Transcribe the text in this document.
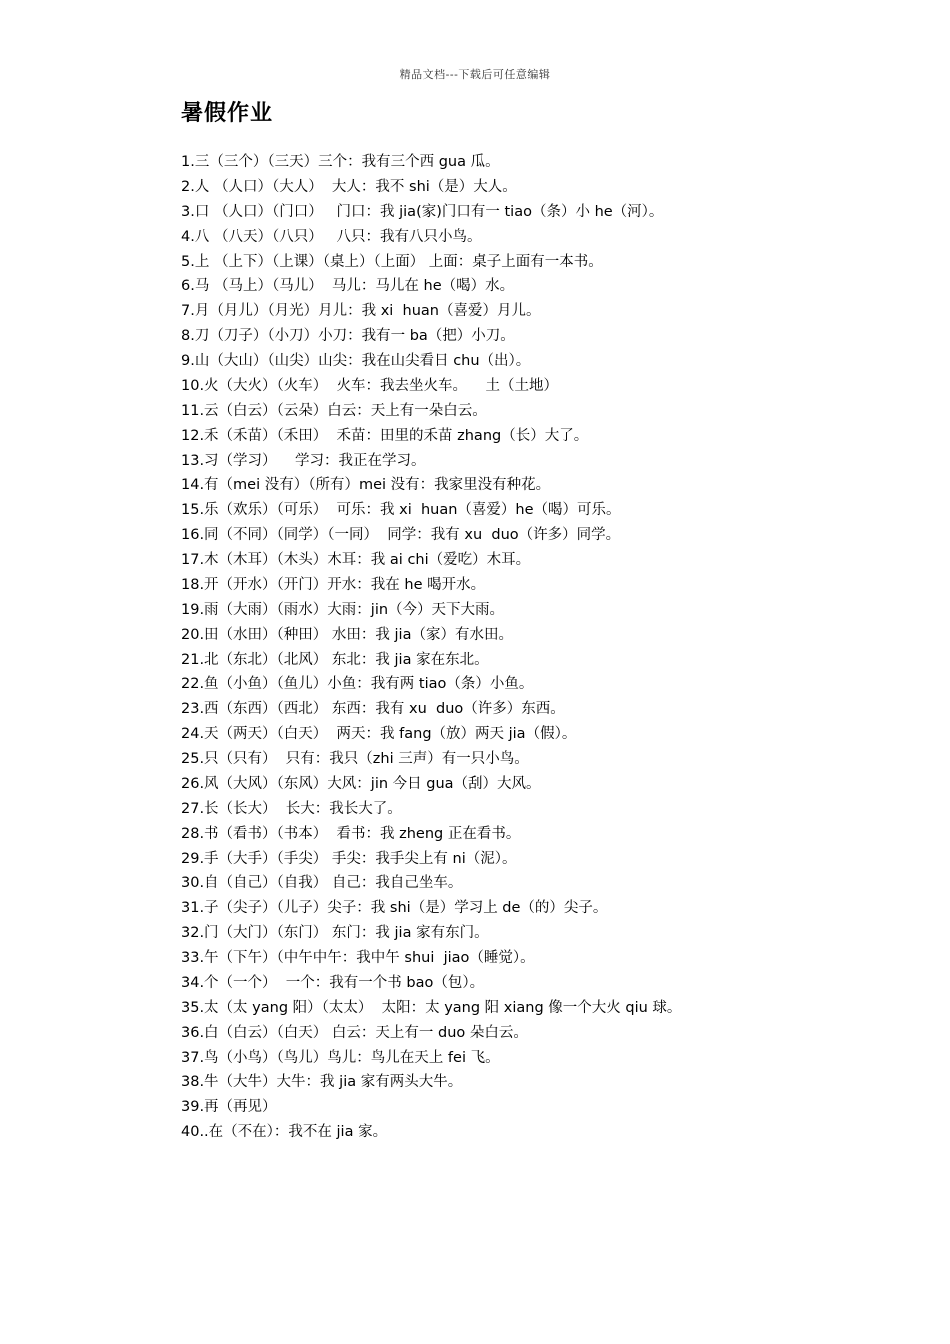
精品文档---下载后可任意编辑
暑假作业
1.三（三个）（三天）三个：我有三个西 gua 瓜。
2.人 （人口）（大人）  大人：我不 shi（是）大人。
3.口 （人口）（门口）   门口：我 jia(家)门口有一 tiao（条）小 he（河）。
4.八 （八天）（八只）   八只：我有八只小鸟。
5.上 （上下）（上课）（桌上）（上面） 上面：桌子上面有一本书。
6.马 （马上）（马儿）  马儿：马儿在 he（喝）水。
7.月（月儿）（月光）月儿：我 xi  huan（喜爱）月儿。
8.刀（刀子）（小刀）小刀：我有一 ba（把）小刀。
9.山（大山）（山尖）山尖：我在山尖看日 chu（出）。
10.火（大火）（火车）  火车：我去坐火车。    土（土地）
11.云（白云）（云朵）白云：天上有一朵白云。
12.禾（禾苗）（禾田）  禾苗：田里的禾苗 zhang（长）大了。
13.习（学习）    学习：我正在学习。
14.有（mei 没有）（所有）mei 没有：我家里没有种花。
15.乐（欢乐）（可乐）  可乐：我 xi  huan（喜爱）he（喝）可乐。
16.同（不同）（同学）（一同）  同学：我有 xu  duo（许多）同学。
17.木（木耳）（木头）木耳：我 ai chi（爱吃）木耳。
18.开（开水）（开门）开水：我在 he 喝开水。
19.雨（大雨）（雨水）大雨：jin（今）天下大雨。
20.田（水田）（种田） 水田：我 jia（家）有水田。
21.北（东北）（北风） 东北：我 jia 家在东北。
22.鱼（小鱼）（鱼儿）小鱼：我有两 tiao（条）小鱼。
23.西（东西）（西北） 东西：我有 xu  duo（许多）东西。
24.天（两天）（白天）  两天：我 fang（放）两天 jia（假）。
25.只（只有）  只有：我只（zhi 三声）有一只小鸟。
26.风（大风）（东风）大风：jin 今日 gua（刮）大风。
27.长（长大）  长大：我长大了。
28.书（看书）（书本）  看书：我 zheng 正在看书。
29.手（大手）（手尖） 手尖：我手尖上有 ni（泥）。
30.自（自己）（自我） 自己：我自己坐车。
31.子（尖子）（儿子）尖子：我 shi（是）学习上 de（的）尖子。
32.门（大门）（东门） 东门：我 jia 家有东门。
33.午（下午）（中午中午：我中午 shui  jiao（睡觉）。
34.个（一个）  一个：我有一个书 bao（包）。
35.太（太 yang 阳）（太太）  太阳：太 yang 阳 xiang 像一个大火 qiu 球。
36.白（白云）（白天） 白云：天上有一 duo 朵白云。
37.鸟（小鸟）（鸟儿）鸟儿：鸟儿在天上 fei 飞。
38.牛（大牛）大牛：我 jia 家有两头大牛。
39.再（再见）
40..在（不在）：我不在 jia 家。
